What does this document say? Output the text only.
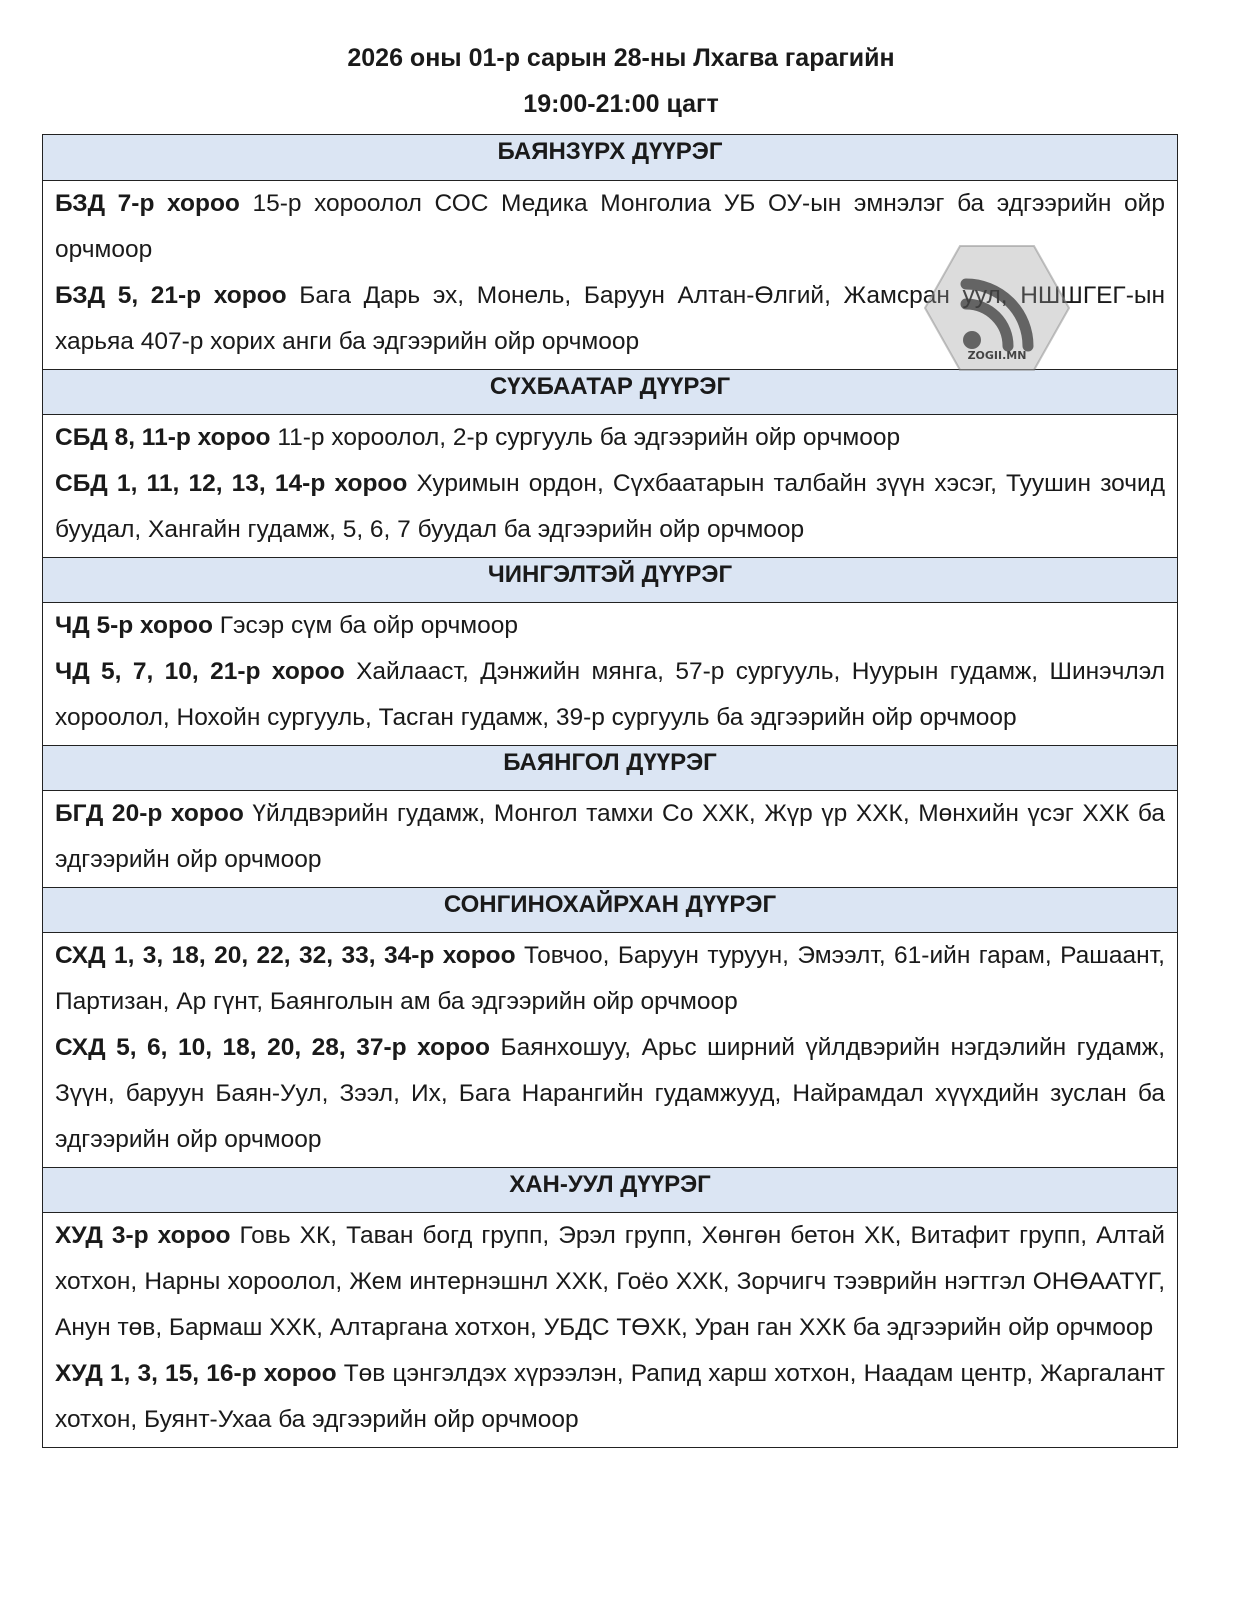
2026 оны 01-р сарын 28-ны Лхагва гарагийн
19:00-21:00 цагт
БАЯНЗҮРХ ДҮҮРЭГ

БЗД 7-р хороо 15-р хороолол СОС Медика Монголиа УБ ОУ-ын эмнэлэг ба эдгээрийн ойр орчмоор

БЗД 5, 21-р хороо Бага Дарь эх, Монель, Баруун Алтан-Өлгий, Жамсран уул, НШШГЕГ-ын харьяа 407-р хорих анги ба эдгээрийн ойр орчмоор

СҮХБААТАР ДҮҮРЭГ

СБД 8, 11-р хороо 11-р хороолол, 2-р сургууль ба эдгээрийн ойр орчмоор

СБД 1, 11, 12, 13, 14-р хороо Хуримын ордон, Сүхбаатарын талбайн зүүн хэсэг, Туушин зочид буудал, Хангайн гудамж, 5, 6, 7 буудал ба эдгээрийн ойр орчмоор

ЧИНГЭЛТЭЙ ДҮҮРЭГ

ЧД 5-р хороо Гэсэр сүм ба ойр орчмоор

ЧД 5, 7, 10, 21-р хороо Хайлааст, Дэнжийн мянга, 57-р сургууль, Нуурын гудамж, Шинэчлэл хороолол, Нохойн сургууль, Тасган гудамж, 39-р сургууль ба эдгээрийн ойр орчмоор

БАЯНГОЛ ДҮҮРЭГ

БГД 20-р хороо Үйлдвэрийн гудамж, Монгол тамхи Со ХХК, Жүр үр ХХК, Мөнхийн үсэг ХХК ба эдгээрийн ойр орчмоор

СОНГИНОХАЙРХАН ДҮҮРЭГ

СХД 1, 3, 18, 20, 22, 32, 33, 34-р хороо Товчоо, Баруун туруун, Эмээлт, 61-ийн гарам, Рашаант, Партизан, Ар гүнт, Баянголын ам ба эдгээрийн ойр орчмоор

СХД 5, 6, 10, 18, 20, 28, 37-р хороо Баянхошуу, Арьс ширний үйлдвэрийн нэгдэлийн гудамж, Зүүн, баруун Баян-Уул, Зээл, Их, Бага Нарангийн гудамжууд, Найрамдал хүүхдийн зуслан ба эдгээрийн ойр орчмоор

ХАН-УУЛ ДҮҮРЭГ

ХУД 3-р хороо Говь ХК, Таван богд групп, Эрэл групп, Хөнгөн бетон ХК, Витафит групп, Алтай хотхон, Нарны хороолол, Жем интернэшнл ХХК, Гоёо ХХК, Зорчигч тээврийн нэгтгэл ОНӨААТҮГ, Анун төв, Бармаш ХХК, Алтаргана хотхон, УБДС ТӨХК, Уран ган ХХК ба эдгээрийн ойр орчмоор

ХУД 1, 3, 15, 16-р хороо Төв цэнгэлдэх хүрээлэн, Рапид харш хотхон, Наадам центр, Жаргалант хотхон, Буянт-Ухаа ба эдгээрийн ойр орчмоор

ZOGII.MN
